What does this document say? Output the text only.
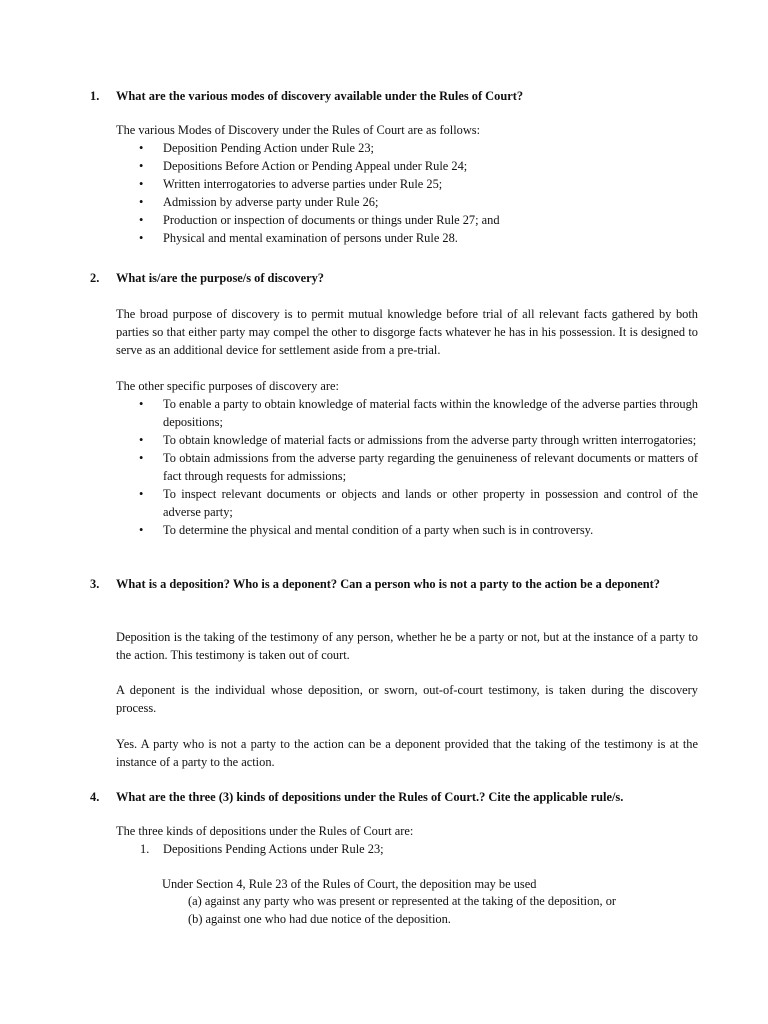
1. What are the various modes of discovery available under the Rules of Court?
The various Modes of Discovery under the Rules of Court are as follows:
• Deposition Pending Action under Rule 23;
• Depositions Before Action or Pending Appeal under Rule 24;
• Written interrogatories to adverse parties under Rule 25;
• Admission by adverse party under Rule 26;
• Production or inspection of documents or things under Rule 27; and
• Physical and mental examination of persons under Rule 28.
2. What is/are the purpose/s of discovery?
The broad purpose of discovery is to permit mutual knowledge before trial of all relevant facts gathered by both parties so that either party may compel the other to disgorge facts whatever he has in his possession. It is designed to serve as an additional device for settlement aside from a pre-trial.
The other specific purposes of discovery are:
• To enable a party to obtain knowledge of material facts within the knowledge of the adverse parties through depositions;
• To obtain knowledge of material facts or admissions from the adverse party through written interrogatories;
• To obtain admissions from the adverse party regarding the genuineness of relevant documents or matters of fact through requests for admissions;
• To inspect relevant documents or objects and lands or other property in possession and control of the adverse party;
• To determine the physical and mental condition of a party when such is in controversy.
3. What is a deposition? Who is a deponent? Can a person who is not a party to the action be a deponent?
Deposition is the taking of the testimony of any person, whether he be a party or not, but at the instance of a party to the action. This testimony is taken out of court.
A deponent is the individual whose deposition, or sworn, out-of-court testimony, is taken during the discovery process.
Yes. A party who is not a party to the action can be a deponent provided that the taking of the testimony is at the instance of a party to the action.
4. What are the three (3) kinds of depositions under the Rules of Court.? Cite the applicable rule/s.
The three kinds of depositions under the Rules of Court are:
1. Depositions Pending Actions under Rule 23;
Under Section 4, Rule 23 of the Rules of Court, the deposition may be used
(a) against any party who was present or represented at the taking of the deposition, or
(b) against one who had due notice of the deposition.
